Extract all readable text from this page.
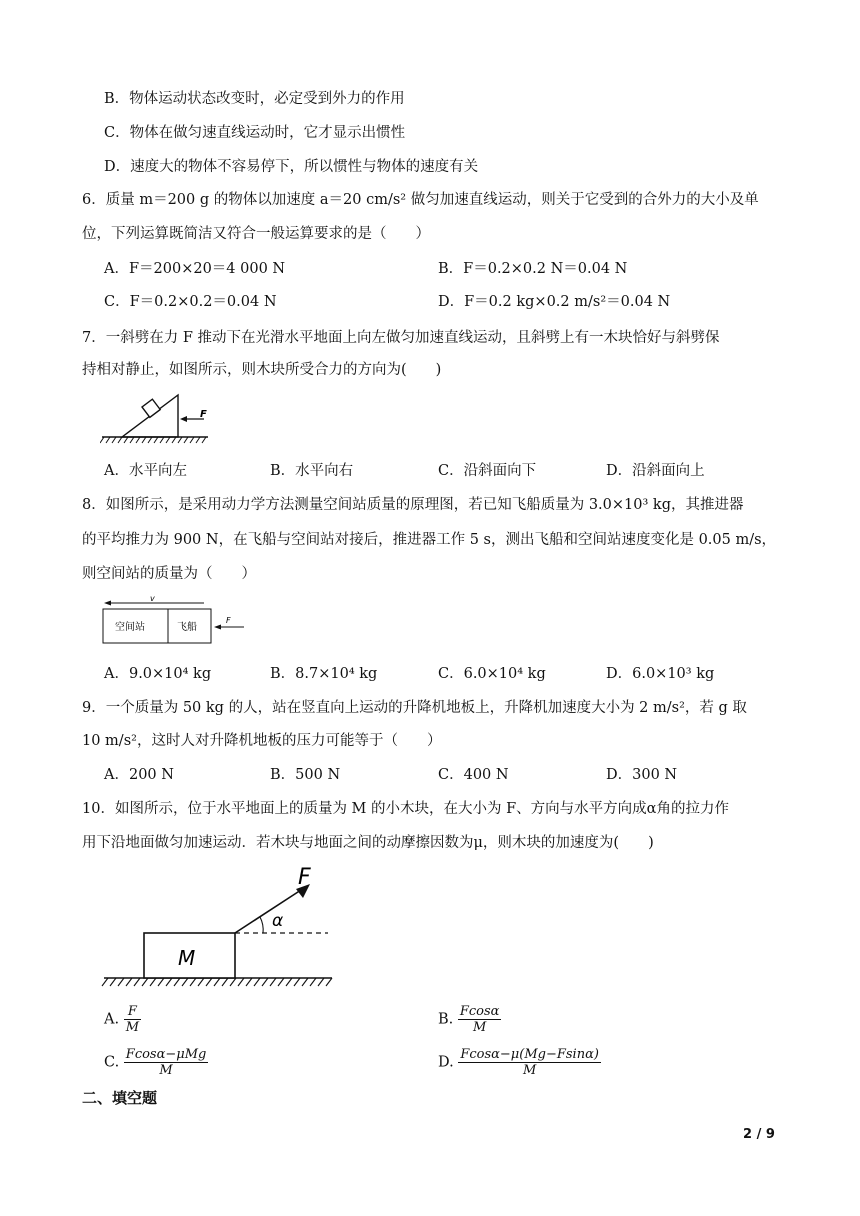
B．物体运动状态改变时，必定受到外力的作用
C．物体在做匀速直线运动时，它才显示出惯性
D．速度大的物体不容易停下，所以惯性与物体的速度有关
6．质量 m＝200 g 的物体以加速度 a＝20 cm/s² 做匀加速直线运动，则关于它受到的合外力的大小及单
位，下列运算既简洁又符合一般运算要求的是（　　）
A．F＝200×20＝4 000 N	B．F＝0.2×0.2 N＝0.04 N
C．F＝0.2×0.2＝0.04 N	D．F＝0.2 kg×0.2 m/s²＝0.04 N
7．一斜劈在力 F 推动下在光滑水平地面上向左做匀加速直线运动，且斜劈上有一木块恰好与斜劈保
持相对静止，如图所示，则木块所受合力的方向为(　　)
F
A．水平向左	B．水平向右	C．沿斜面向下	D．沿斜面向上
8．如图所示，是采用动力学方法测量空间站质量的原理图，若已知飞船质量为 3.0×10³ kg，其推进器
的平均推力为 900 N，在飞船与空间站对接后，推进器工作 5 s，测出飞船和空间站速度变化是 0.05 m/s，
则空间站的质量为（　　）
v
空间站	飞船
F
A．9.0×10⁴ kg	B．8.7×10⁴ kg	C．6.0×10⁴ kg	D．6.0×10³ kg
9．一个质量为 50 kg 的人，站在竖直向上运动的升降机地板上，升降机加速度大小为 2 m/s²，若 g 取
10 m/s²，这时人对升降机地板的压力可能等于（　　）
A．200 N	B．500 N	C．400 N	D．300 N
10．如图所示，位于水平地面上的质量为 M 的小木块，在大小为 F、方向与水平方向成α角的拉力作
用下沿地面做匀加速运动．若木块与地面之间的动摩擦因数为μ，则木块的加速度为(　　)
M
F
α
A. $\frac{F}{M}$	B. $\frac{Fcos\alpha}{M}$
C. $\frac{\text{Fcosα−μMg}}{M}$	D. $\frac{Fcos\alpha-\mu(Mg-Fsin\alpha)}{M}$
二、填空题
2 / 9
